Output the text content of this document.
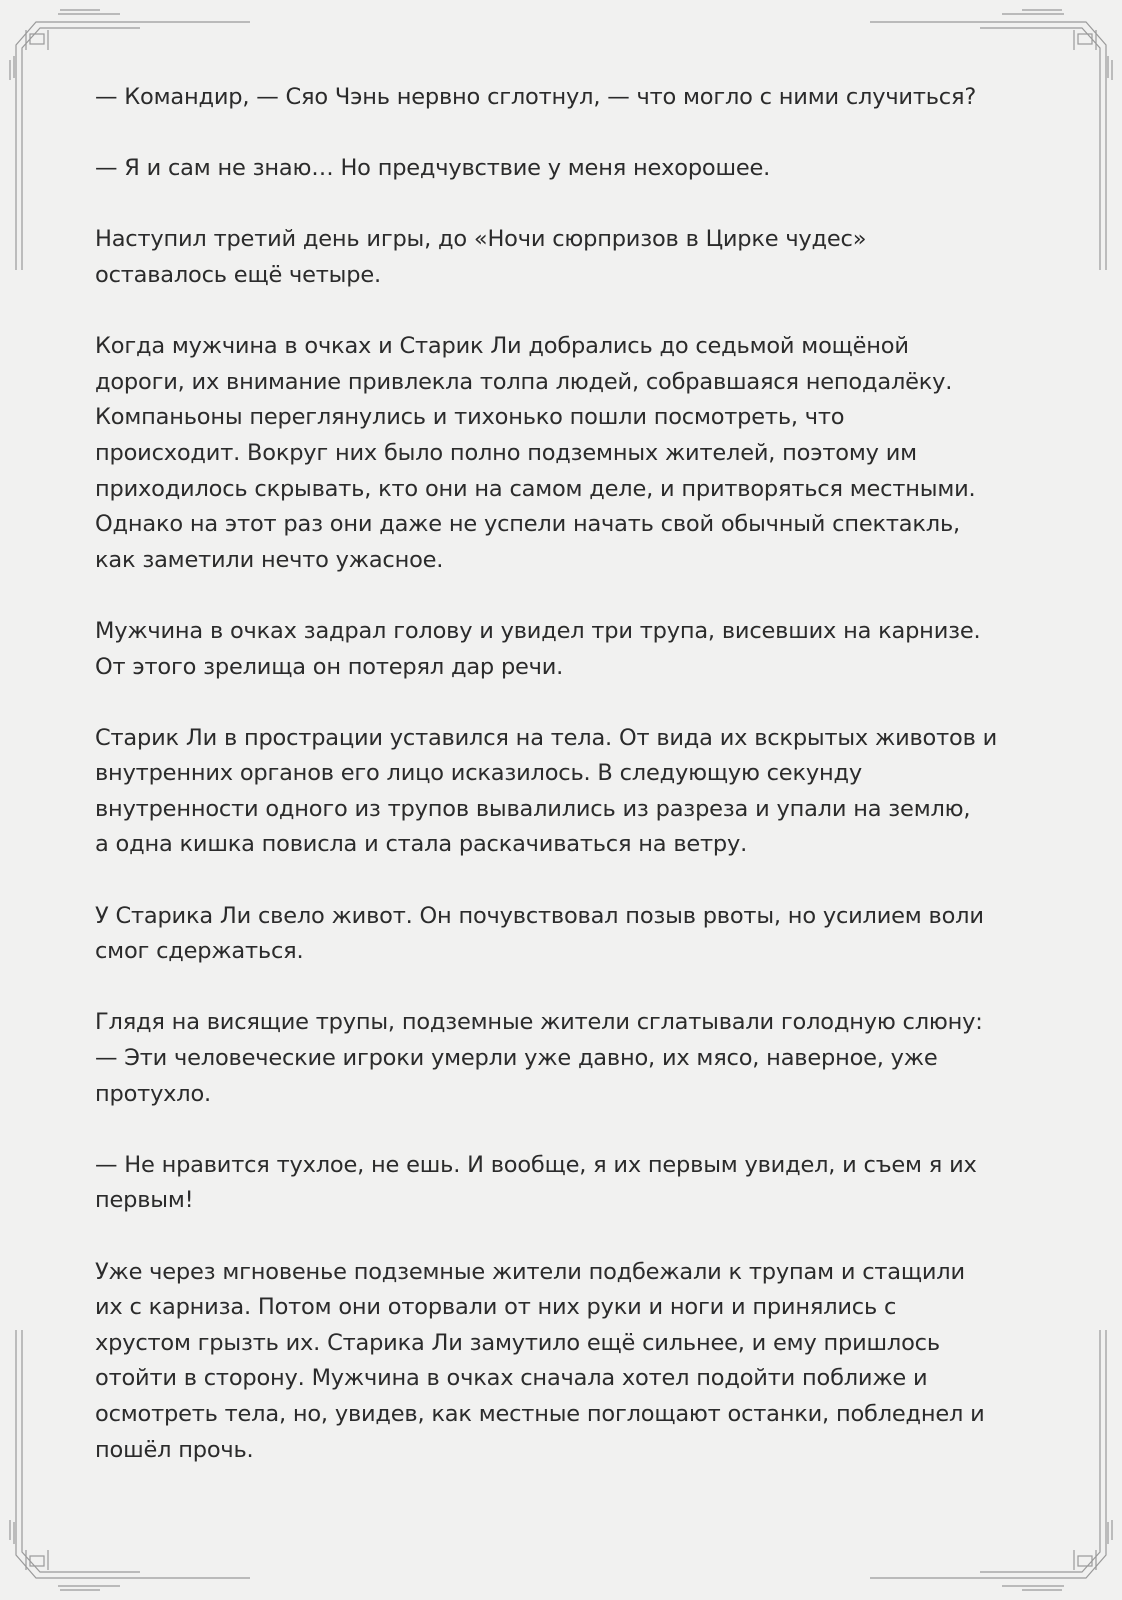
— Командир, — Сяо Чэнь нервно сглотнул, — что могло с ними случиться?

— Я и сам не знаю… Но предчувствие у меня нехорошее.

Наступил третий день игры, до «Ночи сюрпризов в Цирке чудес»
оставалось ещё четыре.

Когда мужчина в очках и Старик Ли добрались до седьмой мощёной
дороги, их внимание привлекла толпа людей, собравшаяся неподалёку.
Компаньоны переглянулись и тихонько пошли посмотреть, что
происходит. Вокруг них было полно подземных жителей, поэтому им
приходилось скрывать, кто они на самом деле, и притворяться местными.
Однако на этот раз они даже не успели начать свой обычный спектакль,
как заметили нечто ужасное.

Мужчина в очках задрал голову и увидел три трупа, висевших на карнизе.
От этого зрелища он потерял дар речи.

Старик Ли в прострации уставился на тела. От вида их вскрытых животов и
внутренних органов его лицо исказилось. В следующую секунду
внутренности одного из трупов вывалились из разреза и упали на землю,
а одна кишка повисла и стала раскачиваться на ветру.

У Старика Ли свело живот. Он почувствовал позыв рвоты, но усилием воли
смог сдержаться.

Глядя на висящие трупы, подземные жители сглатывали голодную слюну:
— Эти человеческие игроки умерли уже давно, их мясо, наверное, уже
протухло.

— Не нравится тухлое, не ешь. И вообще, я их первым увидел, и съем я их
первым!

Уже через мгновенье подземные жители подбежали к трупам и стащили
их с карниза. Потом они оторвали от них руки и ноги и принялись с
хрустом грызть их. Старика Ли замутило ещё сильнее, и ему пришлось
отойти в сторону. Мужчина в очках сначала хотел подойти поближе и
осмотреть тела, но, увидев, как местные поглощают останки, побледнел и
пошёл прочь.
